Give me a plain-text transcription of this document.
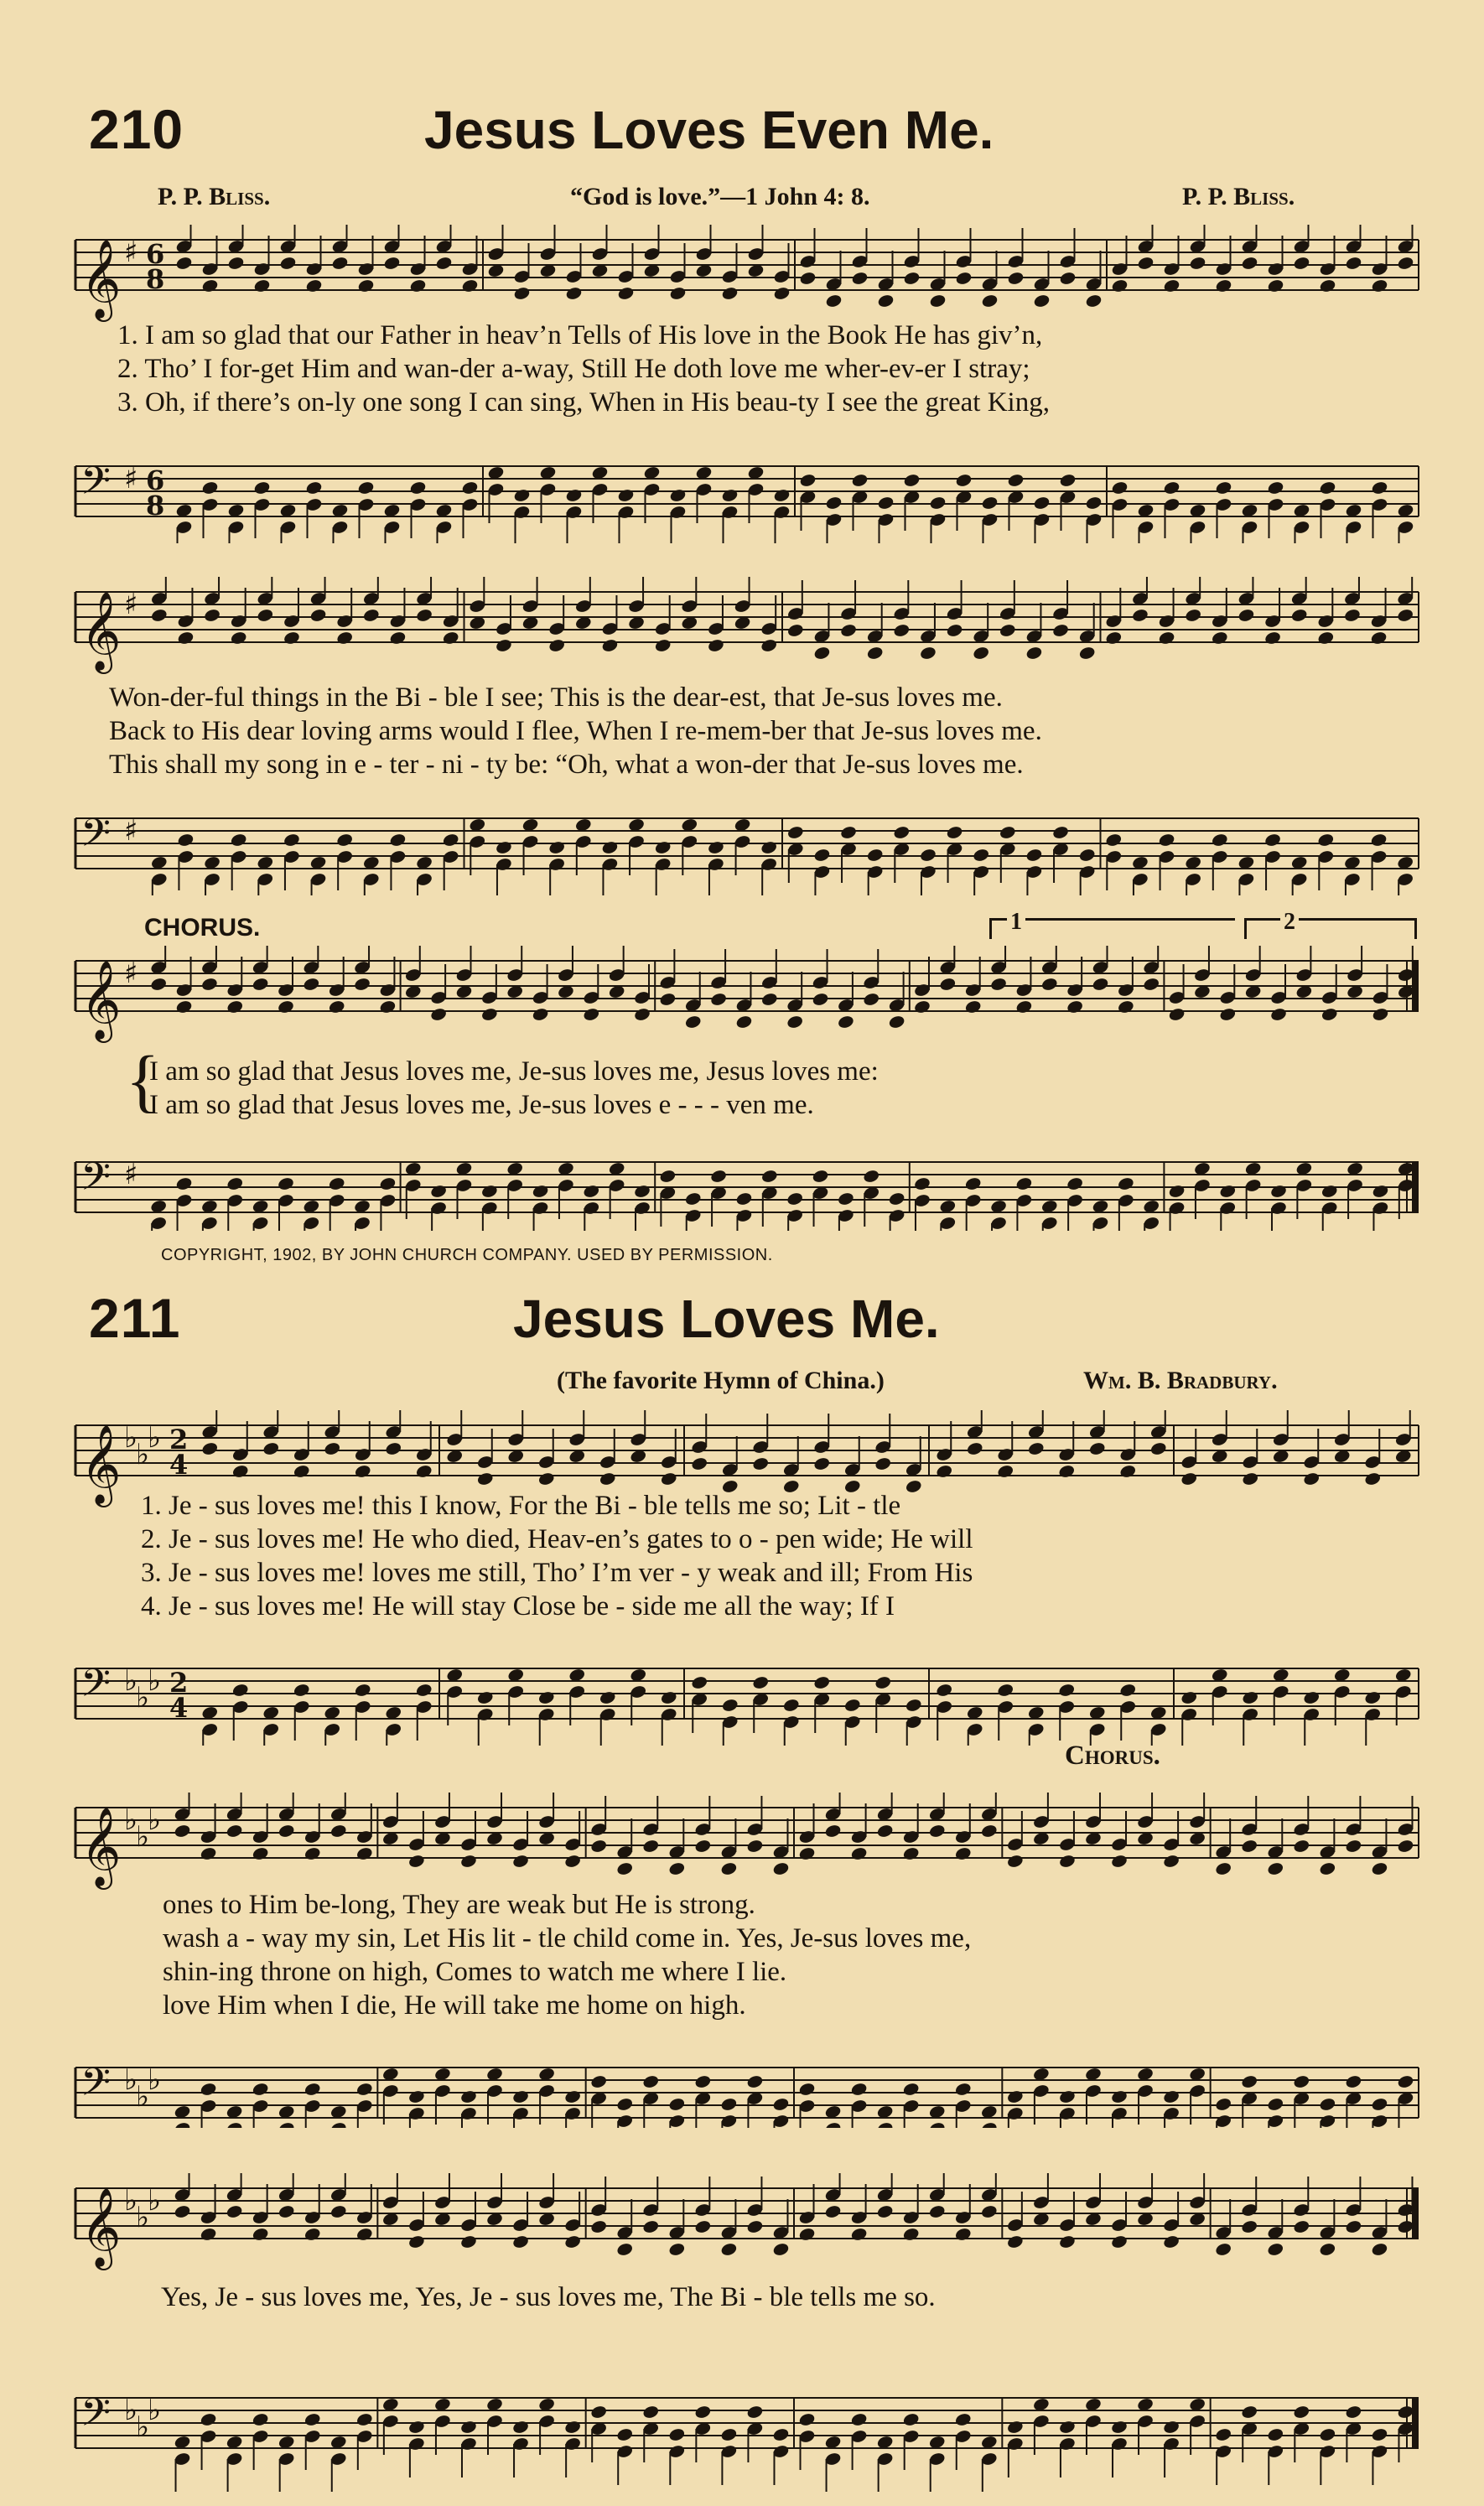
210	Jesus Loves Even Me.
P. P. Bliss.	“God is love.”—1 John 4: 8.	P. P. Bliss.
𝄞 ♯ 6
8
𝄢 ♯ 6
8
1. I am so glad that our Father in heav’n Tells of His love in the Book He has giv’n,
2. Tho’ I for-get Him and wan-der a-way, Still He doth love me wher-ev-er I stray;
3. Oh, if there’s on-ly one song I can sing, When in His beau-ty I see the great King,
𝄞 ♯
𝄢 ♯
Won-der-ful things in the Bi - ble I see; This is the dear-est, that Je-sus loves me.
Back to His dear loving arms would I flee, When I re-mem-ber that Je-sus loves me.
This shall my song in e - ter - ni - ty be: “Oh, what a won-der that Je-sus loves me.
CHORUS.	1	2
𝄞 ♯
𝄢 ♯
{
I am so glad that Jesus loves me, Je-sus loves me, Jesus loves me:
I am so glad that Jesus loves me, Je-sus loves e - - - ven me.
COPYRIGHT, 1902, BY JOHN CHURCH COMPANY. USED BY PERMISSION.
211	Jesus Loves Me.
(The favorite Hymn of China.)	Wm. B. Bradbury.
𝄞 ♭
♭
♭ 2
4
𝄢 ♭
♭
♭ 2
4
1. Je - sus loves me! this I know, For the Bi - ble tells me so; Lit - tle
2. Je - sus loves me! He who died, Heav-en’s gates to o - pen wide; He will
3. Je - sus loves me! loves me still, Tho’ I’m ver - y weak and ill; From His
4. Je - sus loves me! He will stay Close be - side me all the way; If I
Chorus.
𝄞 ♭
♭
♭
𝄢 ♭
♭
♭
ones to Him be-long, They are weak but He is strong.
wash a - way my sin, Let His lit - tle child come in. Yes, Je-sus loves me,
shin-ing throne on high, Comes to watch me where I lie.
love Him when I die, He will take me home on high.
𝄞 ♭
♭
♭
𝄢 ♭
♭
♭
Yes, Je - sus loves me, Yes, Je - sus loves me, The Bi - ble tells me so.
